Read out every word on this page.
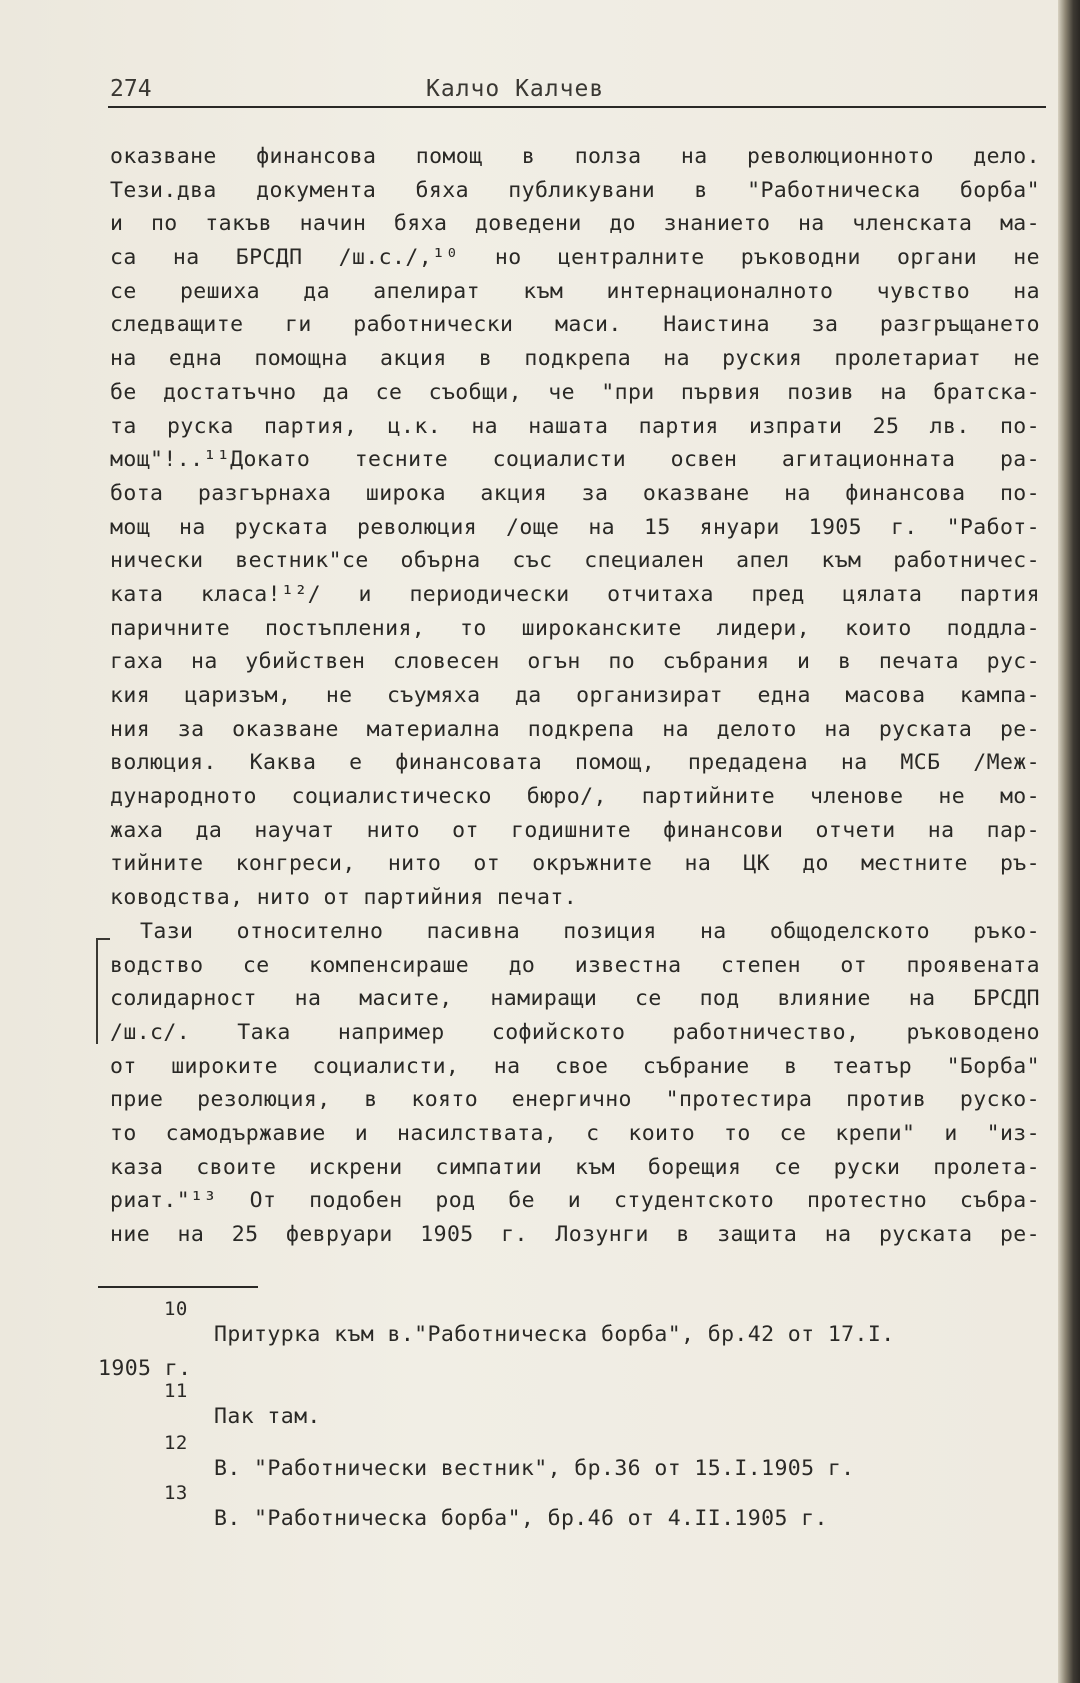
274	Калчо Калчев
оказване финансова помощ в полза на революционното дело.
Тези.два документа бяха публикувани в "Работническа борба"
и по такъв начин бяха доведени до знанието на членската ма-
са на БРСДП /ш.с./,¹⁰ но централните ръководни органи не
се решиха да апелират към интернационалното чувство на
следващите ги работнически маси. Наистина за разгръщането
на една помощна акция в подкрепа на руския пролетариат не
бе достатъчно да се съобщи, че "при първия позив на братска-
та руска партия, ц.к. на нашата партия изпрати 25 лв. по-
мощ"!..¹¹Докато тесните социалисти освен агитационната ра-
бота разгърнаха широка акция за оказване на финансова по-
мощ на руската революция /още на 15 януари 1905 г. "Работ-
нически вестник"се обърна със специален апел към работничес-
ката класа!¹²/ и периодически отчитаха пред цялата партия
паричните постъпления, то широканските лидери, които поддла-
гаха на убийствен словесен огън по събрания и в печата рус-
кия царизъм, не съумяха да организират една масова кампа-
ния за оказване материална подкрепа на делото на руската ре-
волюция. Каква е финансовата помощ, предадена на МСБ /Меж-
дународното социалистическо бюро/, партийните членове не мо-
жаха да научат нито от годишните финансови отчети на пар-
тийните конгреси, нито от окръжните на ЦК до местните ръ-
ководства, нито от партийния печат.
Тази относително пасивна позиция на общоделското ръко-
водство се компенсираше до известна степен от проявената
солидарност на масите, намиращи се под влияние на БРСДП
/ш.с/. Така например софийското работничество, ръководено
от широките социалисти, на свое събрание в театър "Борба"
прие резолюция, в която енергично "протестира против руско-
то самодържавие и насилствата, с които то се крепи" и "из-
каза своите искрени симпатии към борещия се руски пролета-
риат."¹³ От подобен род бе и студентското протестно събра-
ние на 25 февруари 1905 г. Лозунги в защита на руската ре-
10
Притурка към в."Работническа борба", бр.42 от 17.I.
1905 г.
11
Пак там.
12
В. "Работнически вестник", бр.36 от 15.I.1905 г.
13
В. "Работническа борба", бр.46 от 4.II.1905 г.
